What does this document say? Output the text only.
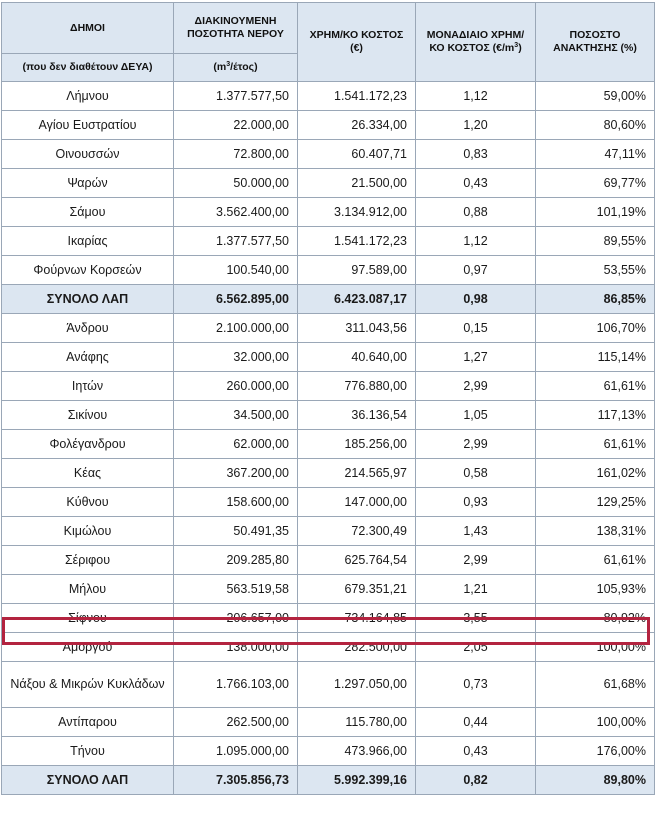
ΔΗΜΟΙ	ΔΙΑΚΙΝΟΥΜΕΝΗ ΠΟΣΟΤΗΤΑ ΝΕΡΟΥ	ΧΡΗΜ/ΚΟ ΚΟΣΤΟΣ (€)	ΜΟΝΑΔΙΑΙΟ ΧΡΗΜ/ΚΟ ΚΟΣΤΟΣ $(€/m^3)$	ΠΟΣΟΣΤΟ ΑΝΑΚΤΗΣΗΣ (%)
(που δεν διαθέτουν ΔΕΥΑ)	$(m^3/έ\tau o\varsigma)$			
Λήμνου	1.377.577,50	1.541.172,23	1,12	59,00%
Αγίου Ευστρατίου	22.000,00	26.334,00	1,20	80,60%
Οινουσσών	72.800,00	60.407,71	0,83	47,11%
Ψαρών	50.000,00	21.500,00	0,43	69,77%
Σάμου	3.562.400,00	3.134.912,00	0,88	101,19%
Ικαρίας	1.377.577,50	1.541.172,23	1,12	89,55%
Φούρνων Κορσεών	100.540,00	97.589,00	0,97	53,55%
ΣΥΝΟΛΟ ΛΑΠ	6.562.895,00	6.423.087,17	0,98	86,85%
Άνδρου	2.100.000,00	311.043,56	0,15	106,70%
Ανάφης	32.000,00	40.640,00	1,27	115,14%
Ιητών	260.000,00	776.880,00	2,99	61,61%
Σικίνου	34.500,00	36.136,54	1,05	117,13%
Φολέγανδρου	62.000,00	185.256,00	2,99	61,61%
Κέας	367.200,00	214.565,97	0,58	161,02%
Κύθνου	158.600,00	147.000,00	0,93	129,25%
Κιμώλου	50.491,35	72.300,49	1,43	138,31%
Σέριφου	209.285,80	625.764,54	2,99	61,61%
Μήλου	563.519,58	679.351,21	1,21	105,93%
Σίφνου	206.657,00	734.164,85	3,55	80,92%
Αμοργού	138.000,00	282.500,00	2,05	100,00%
Νάξου & Μικρών Κυκλάδων	1.766.103,00	1.297.050,00	0,73	61,68%
Αντίπαρου	262.500,00	115.780,00	0,44	100,00%
Τήνου	1.095.000,00	473.966,00	0,43	176,00%
ΣΥΝΟΛΟ ΛΑΠ	7.305.856,73	5.992.399,16	0,82	89,80%
